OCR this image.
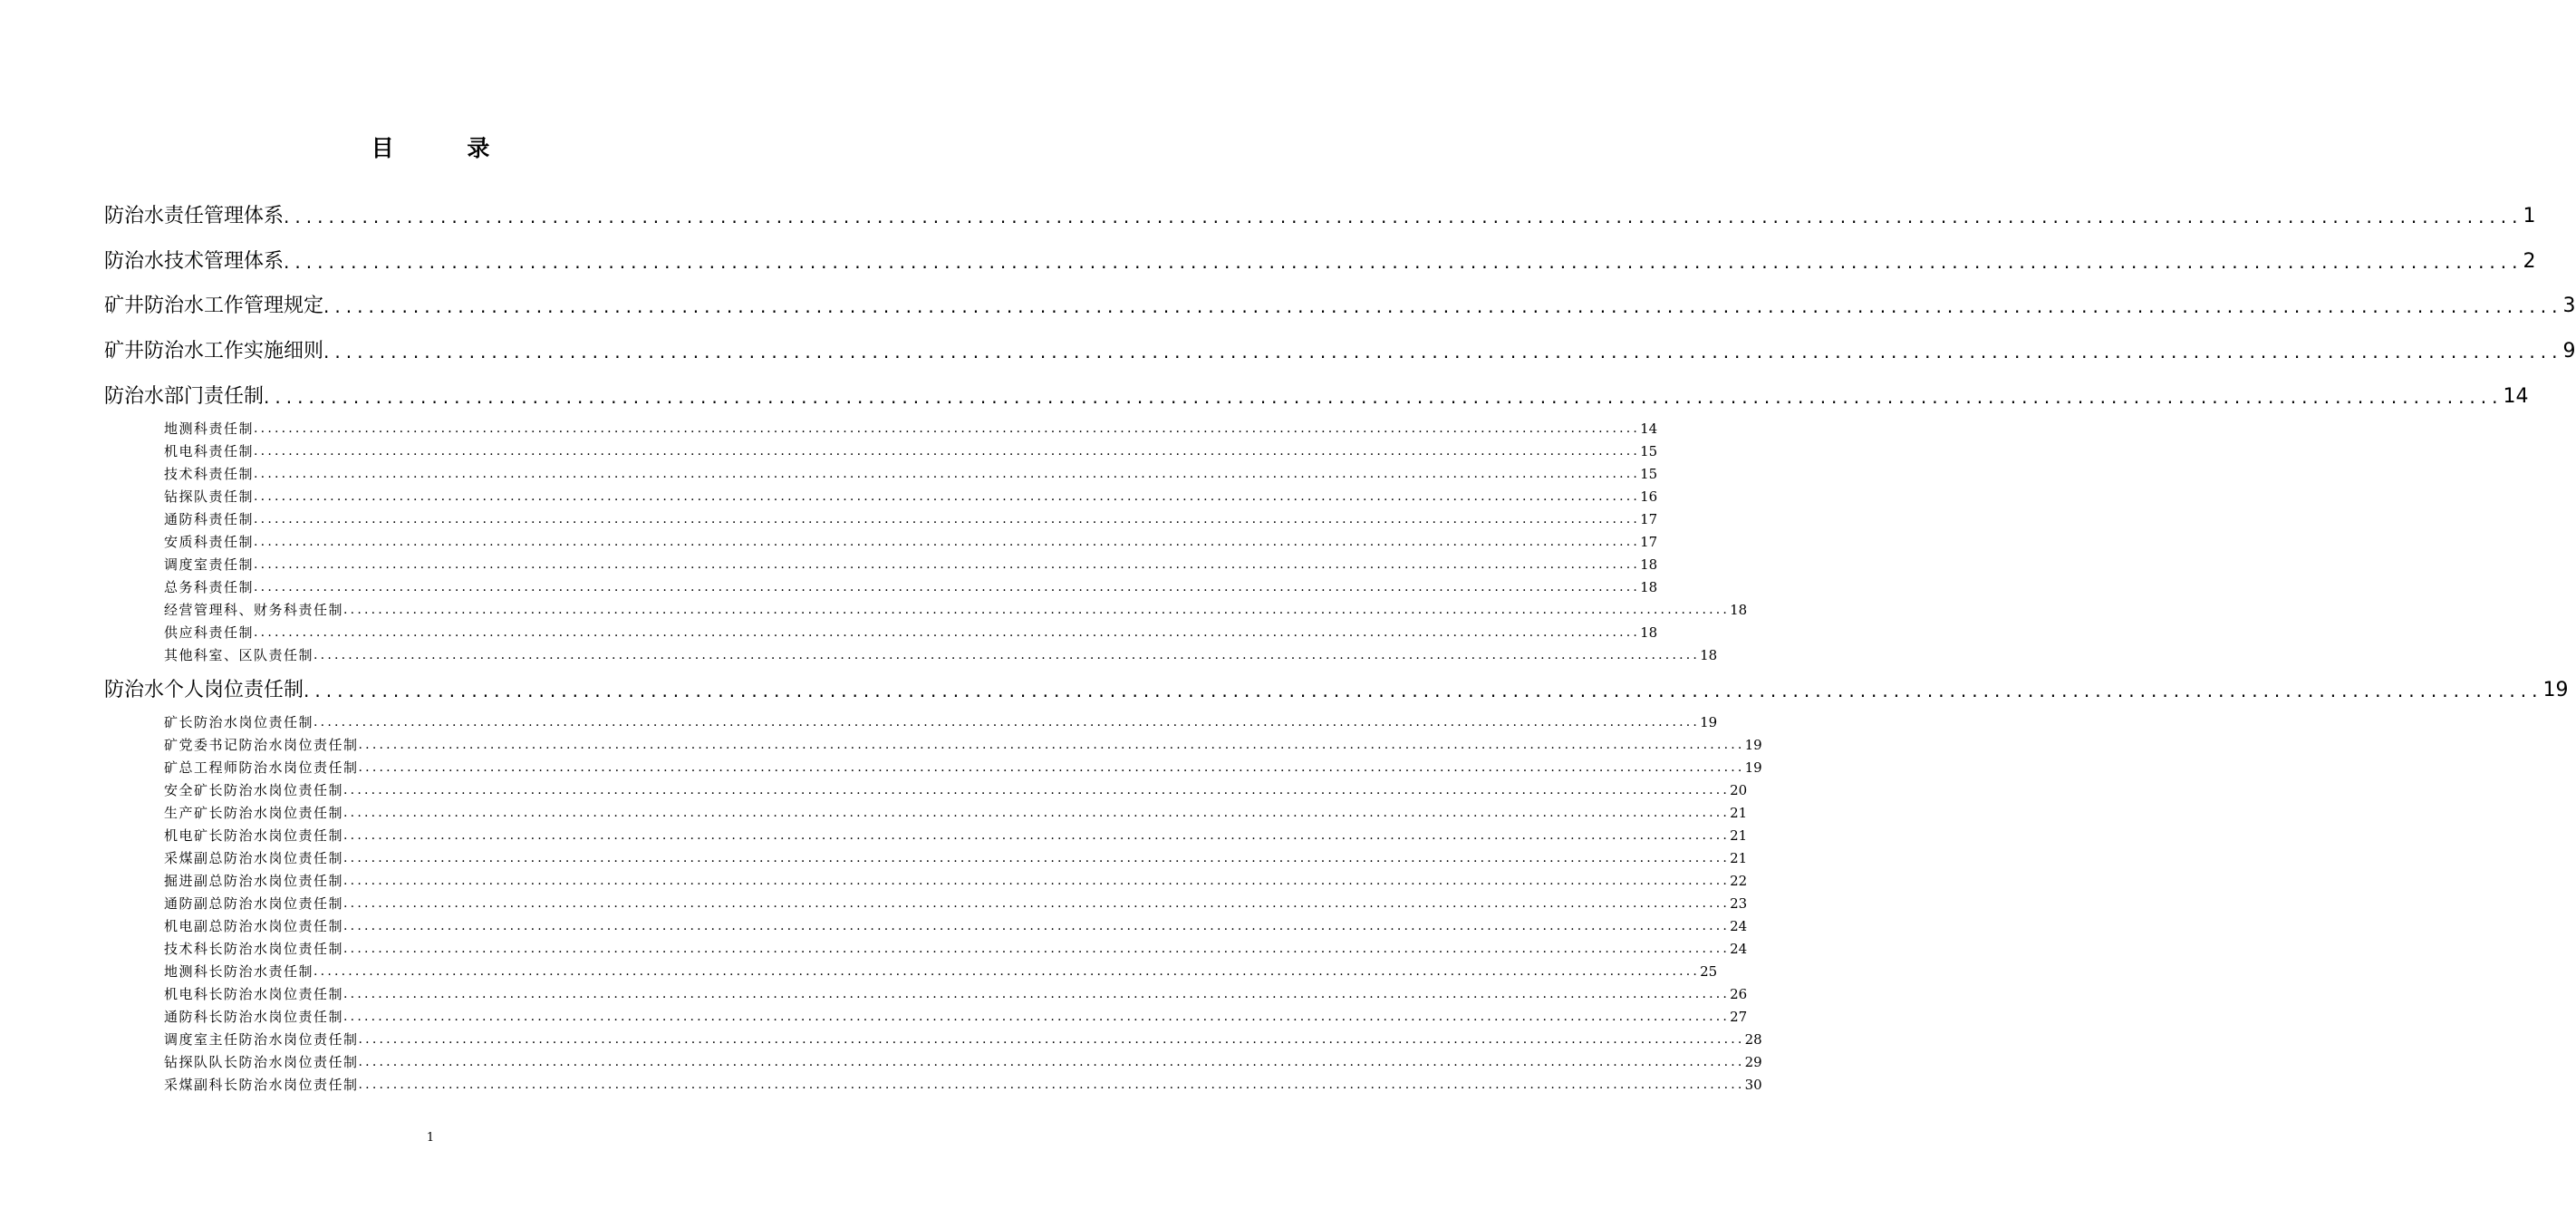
目 录
防治水责任管理体系 ........................................................................................................................................................................................................ 1
防治水技术管理体系 ........................................................................................................................................................................................................ 2
矿井防治水工作管理规定 ........................................................................................................................................................................................................ 3
矿井防治水工作实施细则 ........................................................................................................................................................................................................ 9
防治水部门责任制 ........................................................................................................................................................................................................ 14
地测科责任制 ........................................................................................................................................................................................................ 14
机电科责任制 ........................................................................................................................................................................................................ 15
技术科责任制 ........................................................................................................................................................................................................ 15
钻探队责任制 ........................................................................................................................................................................................................ 16
通防科责任制 ........................................................................................................................................................................................................ 17
安质科责任制 ........................................................................................................................................................................................................ 17
调度室责任制 ........................................................................................................................................................................................................ 18
总务科责任制 ........................................................................................................................................................................................................ 18
经营管理科、财务科责任制 ........................................................................................................................................................................................................ 18
供应科责任制 ........................................................................................................................................................................................................ 18
其他科室、区队责任制 ........................................................................................................................................................................................................ 18
防治水个人岗位责任制 ........................................................................................................................................................................................................ 19
矿长防治水岗位责任制 ........................................................................................................................................................................................................ 19
矿党委书记防治水岗位责任制 ........................................................................................................................................................................................................ 19
矿总工程师防治水岗位责任制 ........................................................................................................................................................................................................ 19
安全矿长防治水岗位责任制 ........................................................................................................................................................................................................ 20
生产矿长防治水岗位责任制 ........................................................................................................................................................................................................ 21
机电矿长防治水岗位责任制 ........................................................................................................................................................................................................ 21
采煤副总防治水岗位责任制 ........................................................................................................................................................................................................ 21
掘进副总防治水岗位责任制 ........................................................................................................................................................................................................ 22
通防副总防治水岗位责任制 ........................................................................................................................................................................................................ 23
机电副总防治水岗位责任制 ........................................................................................................................................................................................................ 24
技术科长防治水岗位责任制 ........................................................................................................................................................................................................ 24
地测科长防治水责任制 ........................................................................................................................................................................................................ 25
机电科长防治水岗位责任制 ........................................................................................................................................................................................................ 26
通防科长防治水岗位责任制 ........................................................................................................................................................................................................ 27
调度室主任防治水岗位责任制 ........................................................................................................................................................................................................ 28
钻探队队长防治水岗位责任制 ........................................................................................................................................................................................................ 29
采煤副科长防治水岗位责任制 ........................................................................................................................................................................................................ 30
1
